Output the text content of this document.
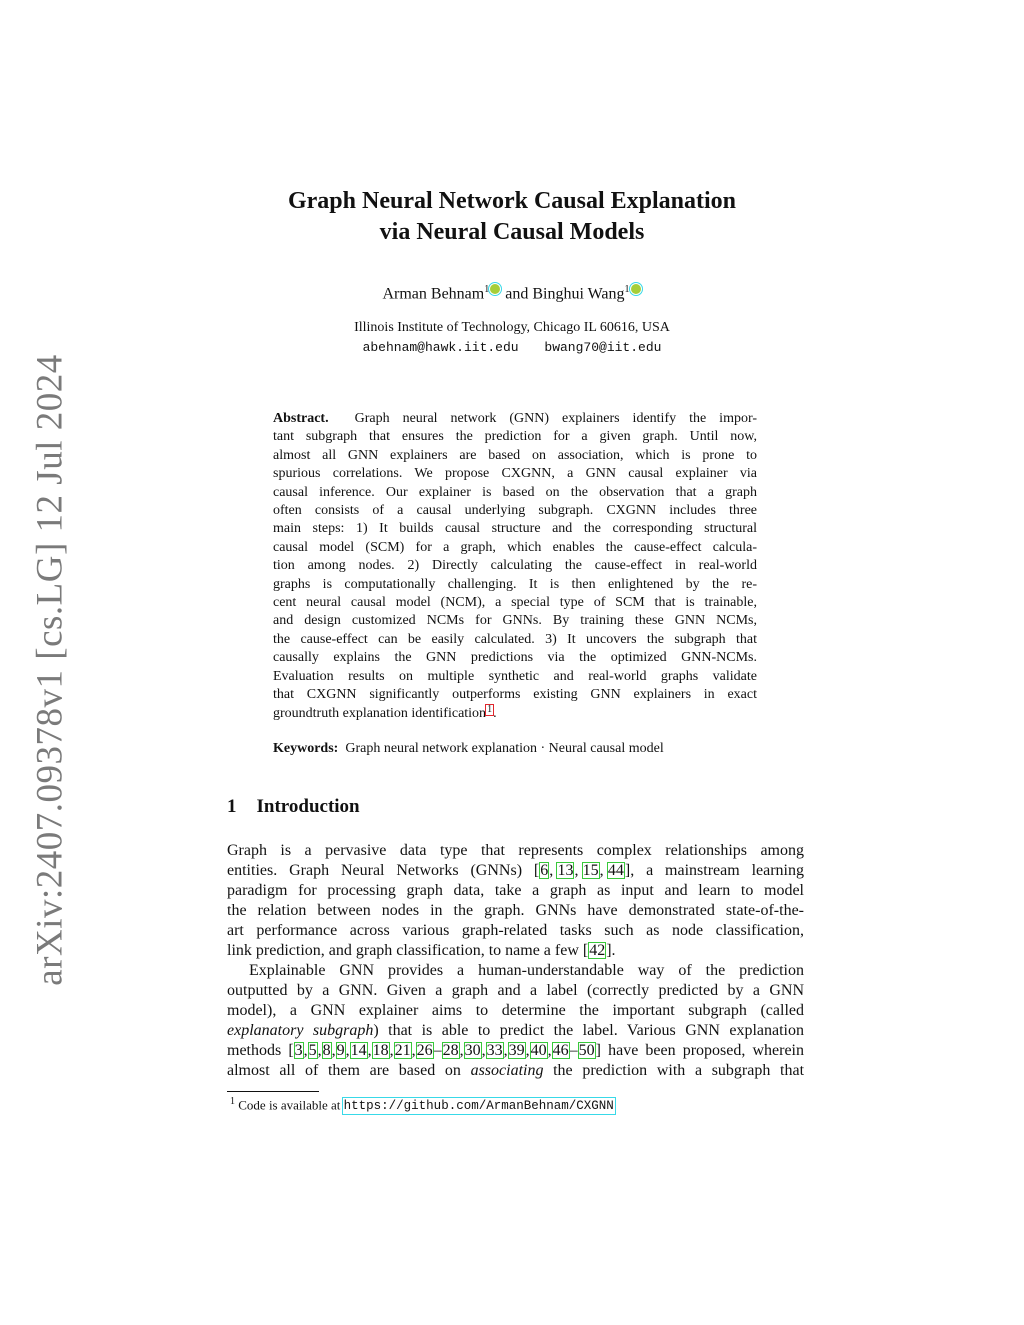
arXiv:2407.09378v1 [cs.LG] 12 Jul 2024
Graph Neural Network Causal Explanation
via Neural Causal Models
Arman Behnam$^1$ and Binghui Wang$^1$
Illinois Institute of Technology, Chicago IL 60616, USA
abehnam@hawk.iit.edu bwang70@iit.edu
Abstract. Graph neural network (GNN) explainers identify the impor-
tant subgraph that ensures the prediction for a given graph. Until now,
almost all GNN explainers are based on association, which is prone to
spurious correlations. We propose CXGNN, a GNN causal explainer via
causal inference. Our explainer is based on the observation that a graph
often consists of a causal underlying subgraph. CXGNN includes three
main steps: 1) It builds causal structure and the corresponding structural
causal model (SCM) for a graph, which enables the cause-effect calcula-
tion among nodes. 2) Directly calculating the cause-effect in real-world
graphs is computationally challenging. It is then enlightened by the re-
cent neural causal model (NCM), a special type of SCM that is trainable,
and design customized NCMs for GNNs. By training these GNN NCMs,
the cause-effect can be easily calculated. 3) It uncovers the subgraph that
causally explains the GNN predictions via the optimized GNN-NCMs.
Evaluation results on multiple synthetic and real-world graphs validate
that CXGNN significantly outperforms existing GNN explainers in exact
groundtruth explanation identification1.
Keywords: Graph neural network explanation · Neural causal model
1 Introduction
Graph is a pervasive data type that represents complex relationships among
entities. Graph Neural Networks (GNNs) [6, 13, 15, 44], a mainstream learning
paradigm for processing graph data, take a graph as input and learn to model
the relation between nodes in the graph. GNNs have demonstrated state-of-the-
art performance across various graph-related tasks such as node classification,
link prediction, and graph classification, to name a few [42].
Explainable GNN provides a human-understandable way of the prediction
outputted by a GNN. Given a graph and a label (correctly predicted by a GNN
model), a GNN explainer aims to determine the important subgraph (called
explanatory subgraph) that is able to predict the label. Various GNN explanation
methods [3,5,8,9,14,18,21,26–28,30,33,39,40,46–50] have been proposed, wherein
almost all of them are based on associating the prediction with a subgraph that
$^1$ Code is available at https://github.com/ArmanBehnam/CXGNN
